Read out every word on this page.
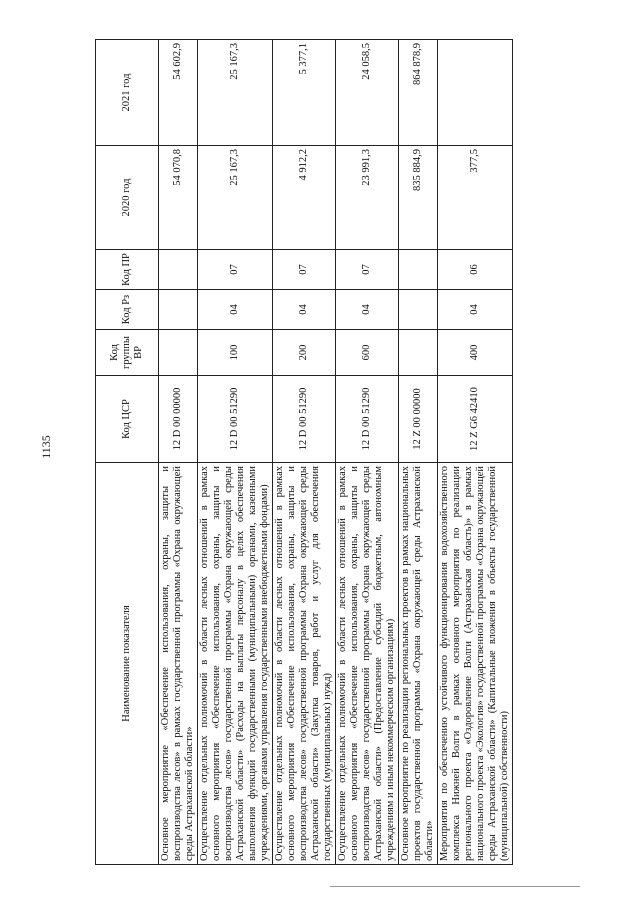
1135
Наименование показателя	Код ЦСР	Код группы ВР	Код Рз	Код ПР	2020 год	2021 год
Основное мероприятие «Обеспечение использования, охраны, защиты и воспроизводства лесов» в рамках государственной программы «Охрана окружающей среды Астраханской области»	12 D 00 00000				54 070,8	54 602,9
Осуществление отдельных полномочий в области лесных отношений в рамках основного мероприятия «Обеспечение использования, охраны, защиты и воспроизводства лесов» государственной программы «Охрана окружающей среды Астраханской области» (Расходы на выплаты персоналу в целях обеспечения выполнения функций государственными (муниципальными) органами, казенными учреждениями, органами управления государственными внебюджетными фондами)	12 D 00 51290	100	04	07	25 167,3	25 167,3
Осуществление отдельных полномочий в области лесных отношений в рамках основного мероприятия «Обеспечение использования, охраны, защиты и воспроизводства лесов» государственной программы «Охрана окружающей среды Астраханской области» (Закупка товаров, работ и услуг для обеспечения государственных (муниципальных) нужд)	12 D 00 51290	200	04	07	4 912,2	5 377,1
Осуществление отдельных полномочий в области лесных отношений в рамках основного мероприятия «Обеспечение использования, охраны, защиты и воспроизводства лесов» государственной программы «Охрана окружающей среды Астраханской области» (Предоставление субсидий бюджетным, автономным учреждениям и иным некоммерческим организациям)	12 D 00 51290	600	04	07	23 991,3	24 058,5
Основное мероприятие по реализации региональных проектов в рамках национальных проектов государственной программы «Охрана окружающей среды Астраханской области»	12 Z 00 00000				835 884,9	864 878,9
Мероприятия по обеспечению устойчивого функционирования водохозяйственного комплекса Нижней Волги в рамках основного мероприятия по реализации регионального проекта «Оздоровление Волги (Астраханская область)» в рамках национального проекта «Экология» государственной программы «Охрана окружающей среды Астраханской области» (Капитальные вложения в объекты государственной (муниципальной) собственности)	12 Z G6 42410	400	04	06	377,5	
